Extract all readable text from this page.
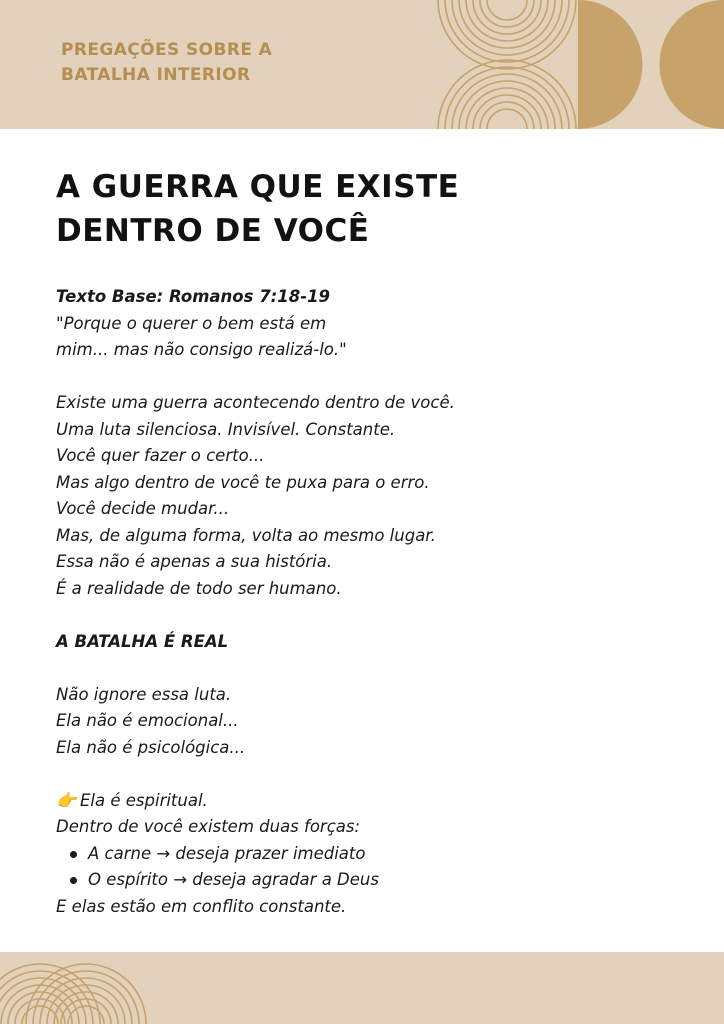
PREGAÇÕES SOBRE A
BATALHA INTERIOR
A GUERRA QUE EXISTE
DENTRO DE VOCÊ
Texto Base: Romanos 7:18-19
"Porque o querer o bem está em
mim... mas não consigo realizá-lo."
Existe uma guerra acontecendo dentro de você.
Uma luta silenciosa. Invisível. Constante.
Você quer fazer o certo...
Mas algo dentro de você te puxa para o erro.
Você decide mudar...
Mas, de alguma forma, volta ao mesmo lugar.
Essa não é apenas a sua história.
É a realidade de todo ser humano.
A BATALHA É REAL
Não ignore essa luta.
Ela não é emocional...
Ela não é psicológica...
👉 Ela é espiritual.
Dentro de você existem duas forças:
A carne → deseja prazer imediato
O espírito → deseja agradar a Deus
E elas estão em conflito constante.
